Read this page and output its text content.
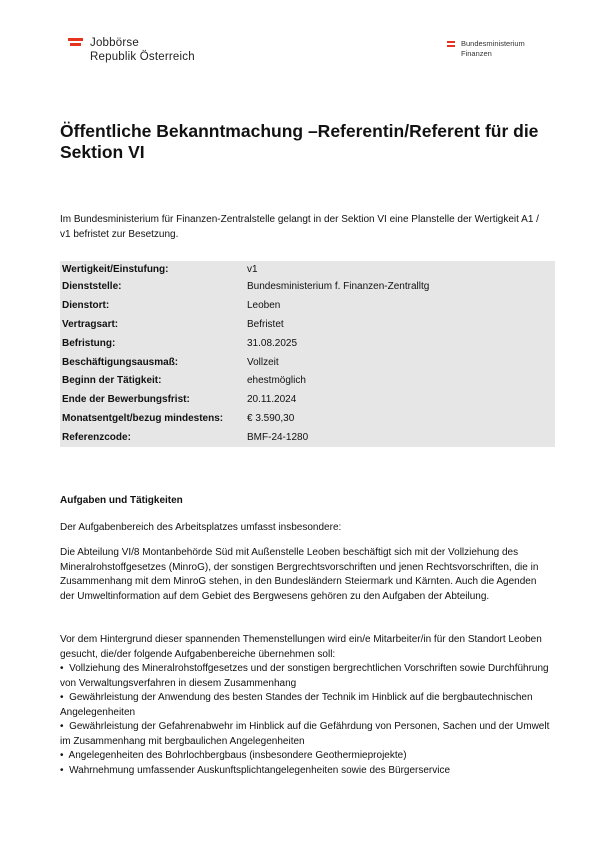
Jobbörse
Republik Österreich
Bundesministerium
Finanzen
Öffentliche Bekanntmachung –Referentin/Referent für die Sektion VI

Im Bundesministerium für Finanzen-Zentralstelle gelangt in der Sektion VI eine Planstelle der Wertigkeit A1 / v1 befristet zur Besetzung.

Wertigkeit/Einstufung:	v1
Dienststelle:	Bundesministerium f. Finanzen-Zentralltg
Dienstort:	Leoben
Vertragsart:	Befristet
Befristung:	31.08.2025
Beschäftigungsausmaß:	Vollzeit
Beginn der Tätigkeit:	ehestmöglich
Ende der Bewerbungsfrist:	20.11.2024
Monatsentgelt/bezug mindestens:	€ 3.590,30
Referenzcode:	BMF-24-1280

Aufgaben und Tätigkeiten

Der Aufgabenbereich des Arbeitsplatzes umfasst insbesondere:

Die Abteilung VI/8 Montanbehörde Süd mit Außenstelle Leoben beschäftigt sich mit der Vollziehung des Mineralrohstoffgesetzes (MinroG), der sonstigen Bergrechtsvorschriften und jenen Rechtsvorschriften, die in Zusammenhang mit dem MinroG stehen, in den Bundesländern Steiermark und Kärnten. Auch die Agenden der Umweltinformation auf dem Gebiet des Bergwesens gehören zu den Aufgaben der Abteilung.

Vor dem Hintergrund dieser spannenden Themenstellungen wird ein/e Mitarbeiter/in für den Standort Leoben gesucht, die/der folgende Aufgabenbereiche übernehmen soll:
• Vollziehung des Mineralrohstoffgesetzes und der sonstigen bergrechtlichen Vorschriften sowie Durchführung von Verwaltungsverfahren in diesem Zusammenhang
• Gewährleistung der Anwendung des besten Standes der Technik im Hinblick auf die bergbautechnischen Angelegenheiten
• Gewährleistung der Gefahrenabwehr im Hinblick auf die Gefährdung von Personen, Sachen und der Umwelt im Zusammenhang mit bergbaulichen Angelegenheiten
• Angelegenheiten des Bohrlochbergbaus (insbesondere Geothermieprojekte)
• Wahrnehmung umfassender Auskunftsplichtangelegenheiten sowie des Bürgerservice
